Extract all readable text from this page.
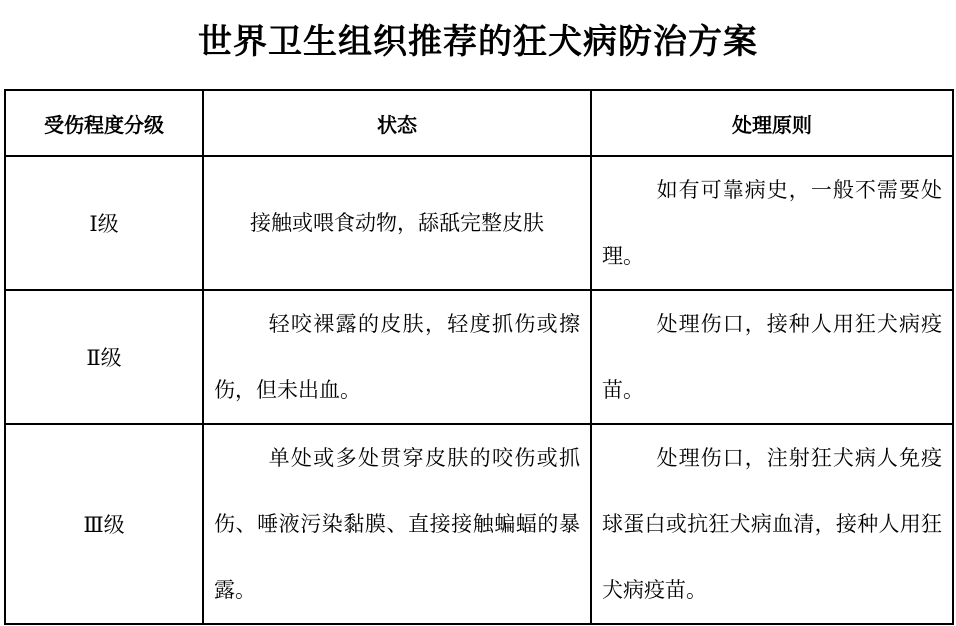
世界卫生组织推荐的狂犬病防治方案
受伤程度分级	状态	处理原则
Ⅰ级	接触或喂食动物，舔舐完整皮肤	如有可靠病史，一般不需要处理。
Ⅱ级	轻咬裸露的皮肤，轻度抓伤或擦伤，但未出血。	处理伤口，接种人用狂犬病疫苗。
Ⅲ级	单处或多处贯穿皮肤的咬伤或抓伤、唾液污染黏膜、直接接触蝙蝠的暴露。	处理伤口，注射狂犬病人免疫球蛋白或抗狂犬病血清，接种人用狂犬病疫苗。
